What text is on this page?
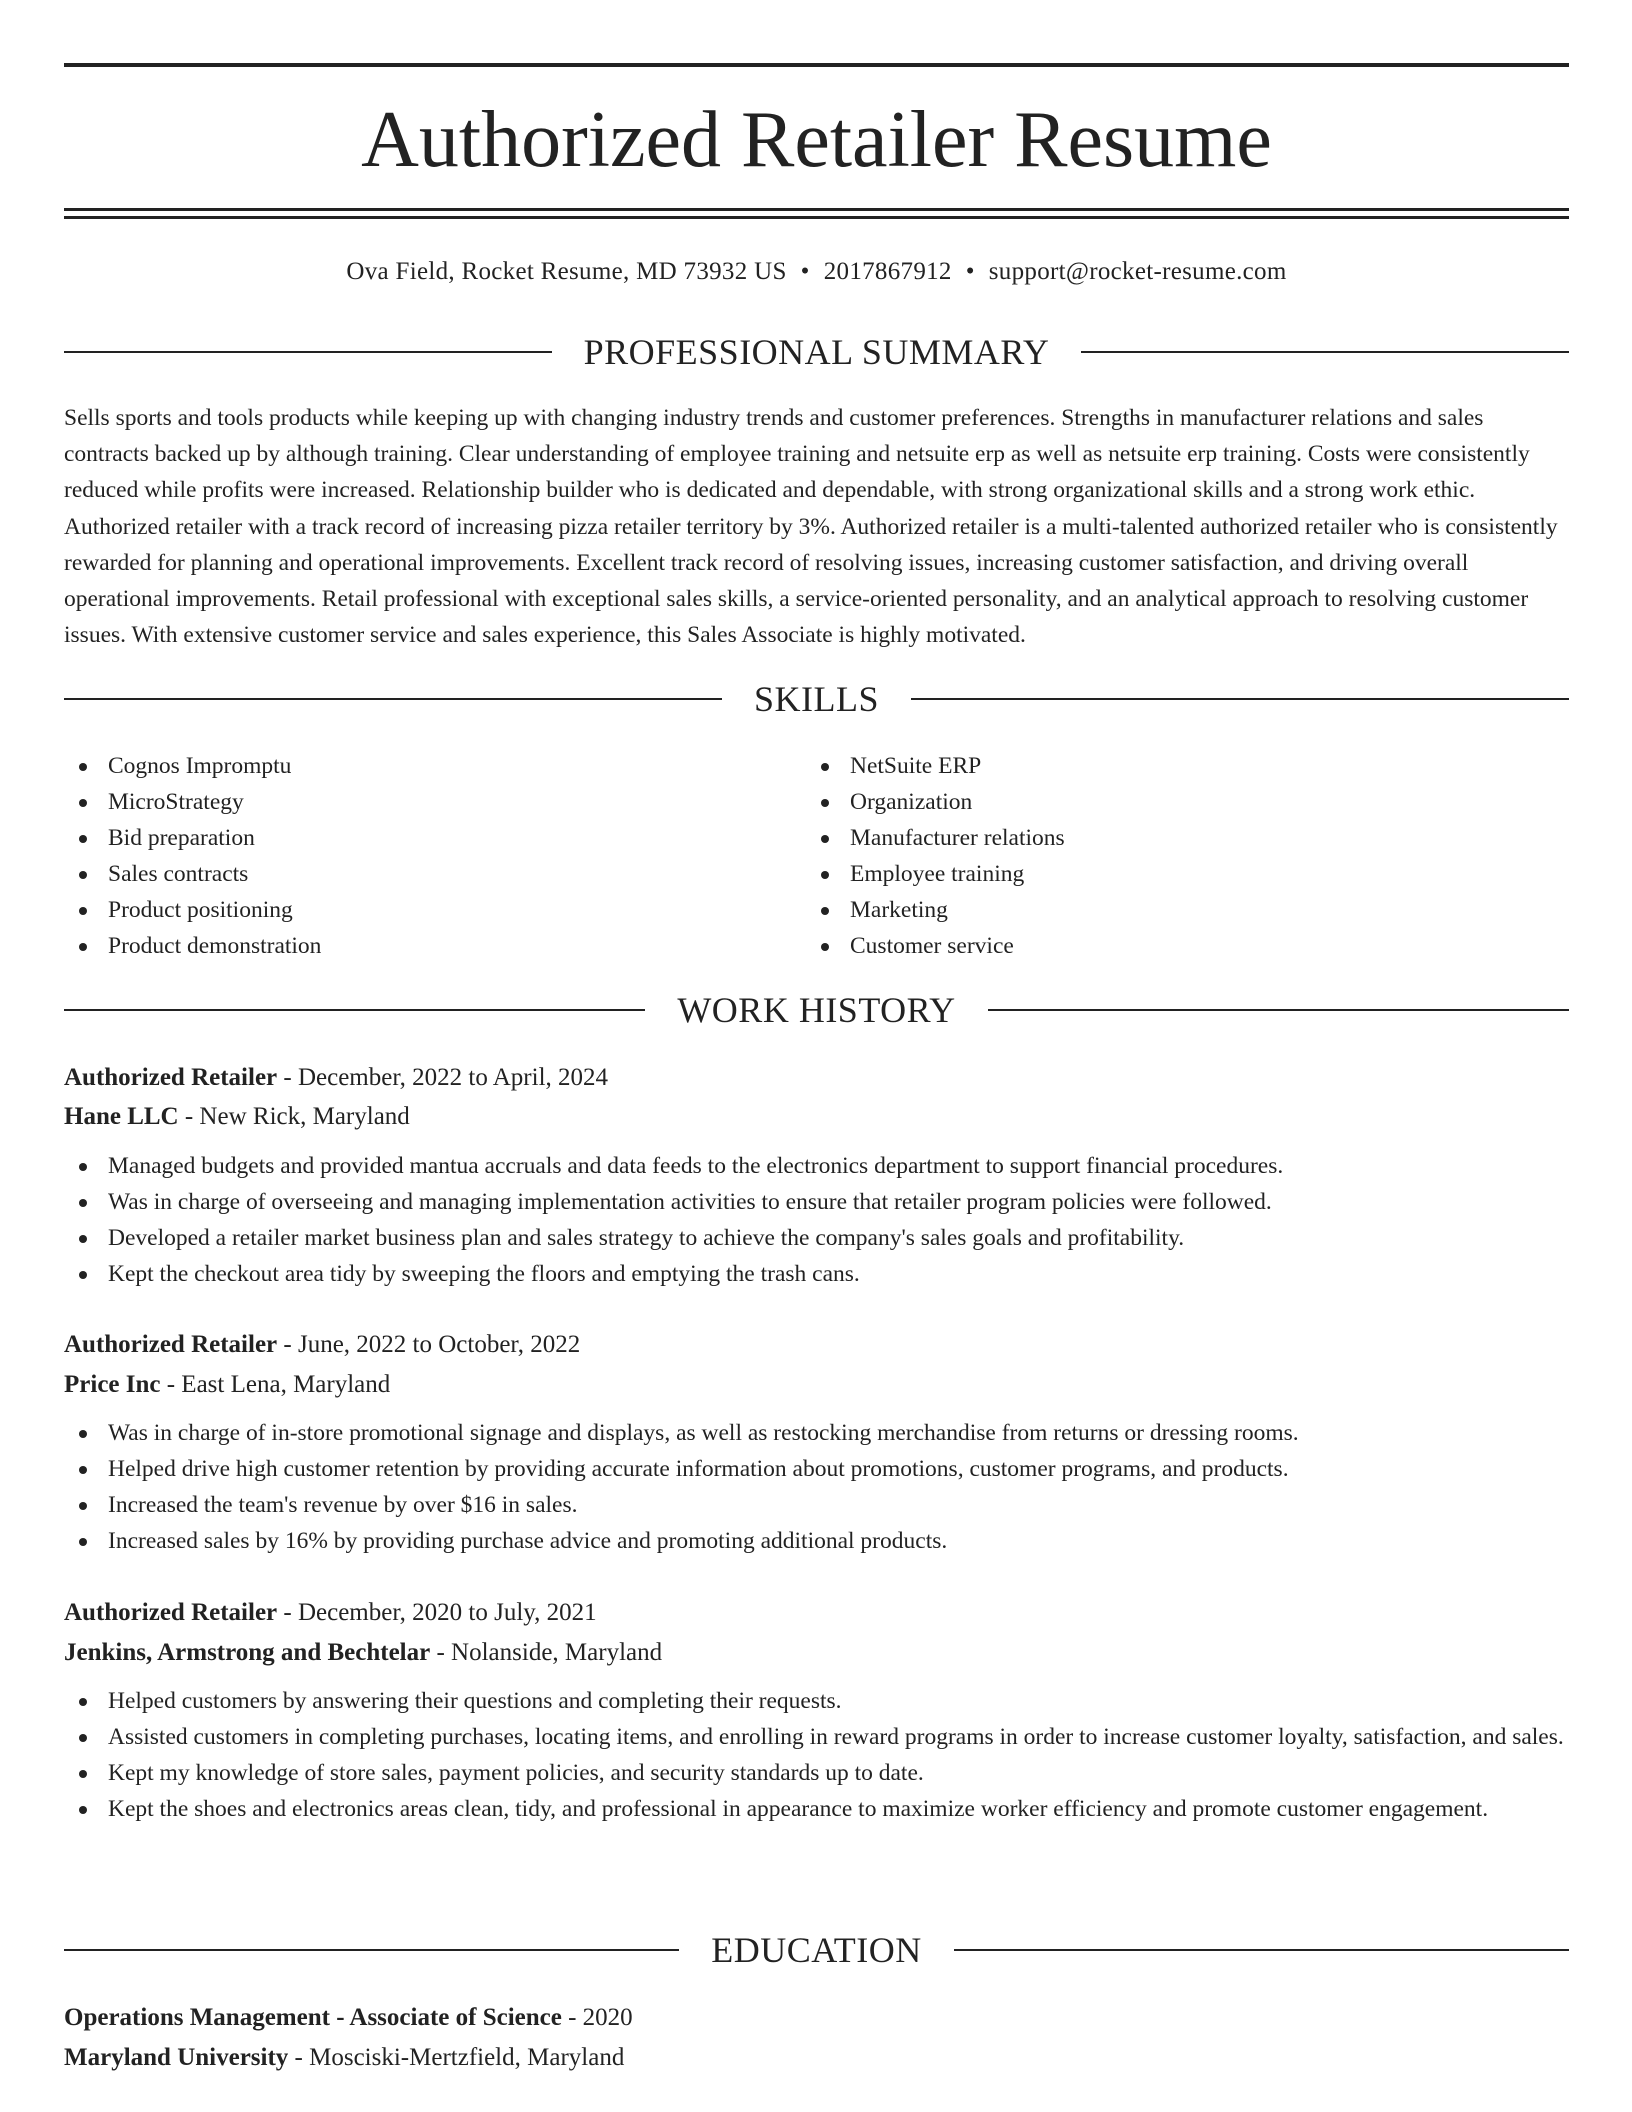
Authorized Retailer Resume
Ova Field, Rocket Resume, MD 73932 US • 2017867912 • support@rocket-resume.com
PROFESSIONAL SUMMARY

Sells sports and tools products while keeping up with changing industry trends and customer preferences. Strengths in manufacturer relations and sales contracts backed up by although training. Clear understanding of employee training and netsuite erp as well as netsuite erp training. Costs were consistently reduced while profits were increased. Relationship builder who is dedicated and dependable, with strong organizational skills and a strong work ethic. Authorized retailer with a track record of increasing pizza retailer territory by 3%. Authorized retailer is a multi-talented authorized retailer who is consistently rewarded for planning and operational improvements. Excellent track record of resolving issues, increasing customer satisfaction, and driving overall operational improvements. Retail professional with exceptional sales skills, a service-oriented personality, and an analytical approach to resolving customer issues. With extensive customer service and sales experience, this Sales Associate is highly motivated.

SKILLS
Cognos Impromptu
MicroStrategy
Bid preparation
Sales contracts
Product positioning
Product demonstration
NetSuite ERP
Organization
Manufacturer relations
Employee training
Marketing
Customer service
WORK HISTORY
Authorized Retailer - December, 2022 to April, 2024
Hane LLC - New Rick, Maryland
Managed budgets and provided mantua accruals and data feeds to the electronics department to support financial procedures.
Was in charge of overseeing and managing implementation activities to ensure that retailer program policies were followed.
Developed a retailer market business plan and sales strategy to achieve the company's sales goals and profitability.
Kept the checkout area tidy by sweeping the floors and emptying the trash cans.
Authorized Retailer - June, 2022 to October, 2022
Price Inc - East Lena, Maryland
Was in charge of in-store promotional signage and displays, as well as restocking merchandise from returns or dressing rooms.
Helped drive high customer retention by providing accurate information about promotions, customer programs, and products.
Increased the team's revenue by over $16 in sales.
Increased sales by 16% by providing purchase advice and promoting additional products.
Authorized Retailer - December, 2020 to July, 2021
Jenkins, Armstrong and Bechtelar - Nolanside, Maryland
Helped customers by answering their questions and completing their requests.
Assisted customers in completing purchases, locating items, and enrolling in reward programs in order to increase customer loyalty, satisfaction, and sales.
Kept my knowledge of store sales, payment policies, and security standards up to date.
Kept the shoes and electronics areas clean, tidy, and professional in appearance to maximize worker efficiency and promote customer engagement.
EDUCATION
Operations Management - Associate of Science - 2020
Maryland University - Mosciski-Mertzfield, Maryland
